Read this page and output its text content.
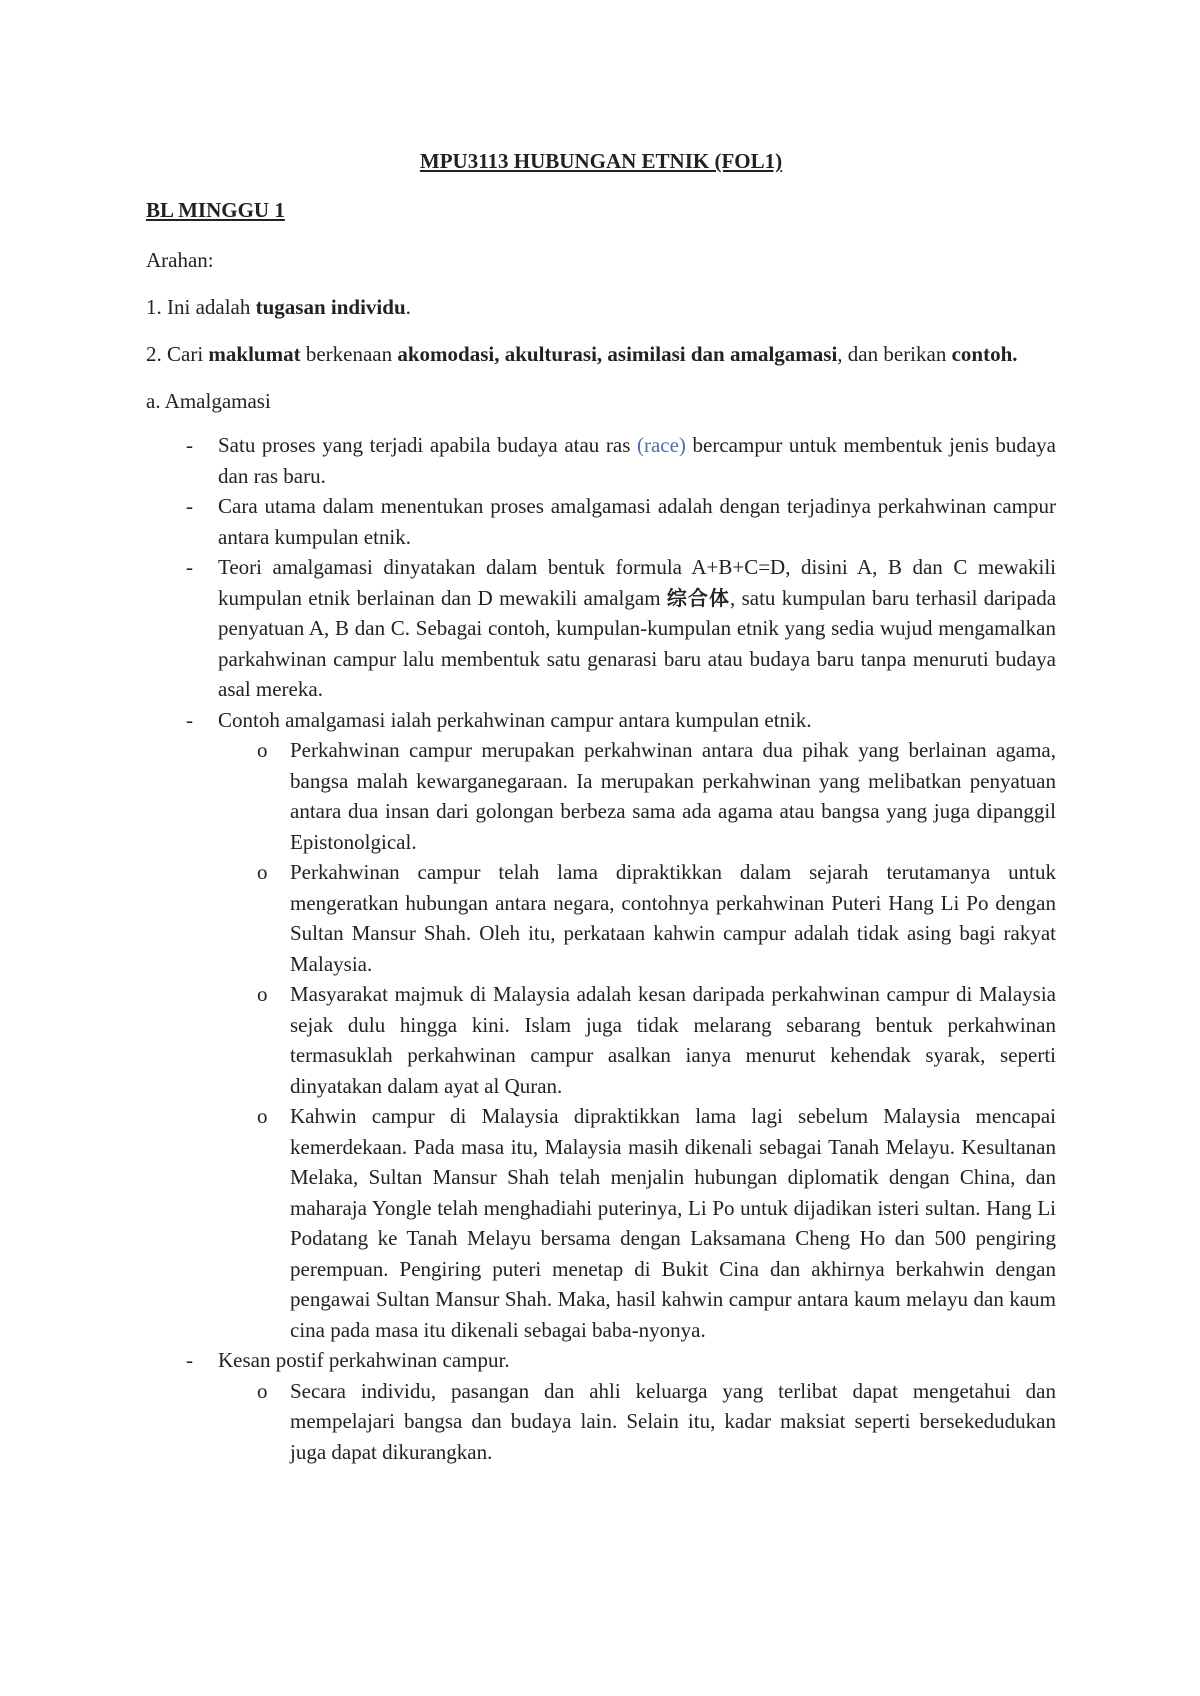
MPU3113 HUBUNGAN ETNIK (FOL1)

BL MINGGU 1

Arahan:

1. Ini adalah tugasan individu.

2. Cari maklumat berkenaan akomodasi, akulturasi, asimilasi dan amalgamasi, dan berikan contoh.

a. Amalgamasi

- Satu proses yang terjadi apabila budaya atau ras (race) bercampur untuk membentuk jenis budaya dan ras baru.
- Cara utama dalam menentukan proses amalgamasi adalah dengan terjadinya perkahwinan campur antara kumpulan etnik.
- Teori amalgamasi dinyatakan dalam bentuk formula A+B+C=D, disini A, B dan C mewakili kumpulan etnik berlainan dan D mewakili amalgam 综合体, satu kumpulan baru terhasil daripada penyatuan A, B dan C. Sebagai contoh, kumpulan-kumpulan etnik yang sedia wujud mengamalkan parkahwinan campur lalu membentuk satu genarasi baru atau budaya baru tanpa menuruti budaya asal mereka.
- Contoh amalgamasi ialah perkahwinan campur antara kumpulan etnik.
o Perkahwinan campur merupakan perkahwinan antara dua pihak yang berlainan agama, bangsa malah kewarganegaraan. Ia merupakan perkahwinan yang melibatkan penyatuan antara dua insan dari golongan berbeza sama ada agama atau bangsa yang juga dipanggil Epistonolgical.
o Perkahwinan campur telah lama dipraktikkan dalam sejarah terutamanya untuk mengeratkan hubungan antara negara, contohnya perkahwinan Puteri Hang Li Po dengan Sultan Mansur Shah. Oleh itu, perkataan kahwin campur adalah tidak asing bagi rakyat Malaysia.
o Masyarakat majmuk di Malaysia adalah kesan daripada perkahwinan campur di Malaysia sejak dulu hingga kini. Islam juga tidak melarang sebarang bentuk perkahwinan termasuklah perkahwinan campur asalkan ianya menurut kehendak syarak, seperti dinyatakan dalam ayat al Quran.
o Kahwin campur di Malaysia dipraktikkan lama lagi sebelum Malaysia mencapai kemerdekaan. Pada masa itu, Malaysia masih dikenali sebagai Tanah Melayu. Kesultanan Melaka, Sultan Mansur Shah telah menjalin hubungan diplomatik dengan China, dan maharaja Yongle telah menghadiahi puterinya, Li Po untuk dijadikan isteri sultan. Hang Li Podatang ke Tanah Melayu bersama dengan Laksamana Cheng Ho dan 500 pengiring perempuan. Pengiring puteri menetap di Bukit Cina dan akhirnya berkahwin dengan pengawai Sultan Mansur Shah. Maka, hasil kahwin campur antara kaum melayu dan kaum cina pada masa itu dikenali sebagai baba-nyonya.
- Kesan postif perkahwinan campur.
o Secara individu, pasangan dan ahli keluarga yang terlibat dapat mengetahui dan mempelajari bangsa dan budaya lain. Selain itu, kadar maksiat seperti bersekedudukan juga dapat dikurangkan.
